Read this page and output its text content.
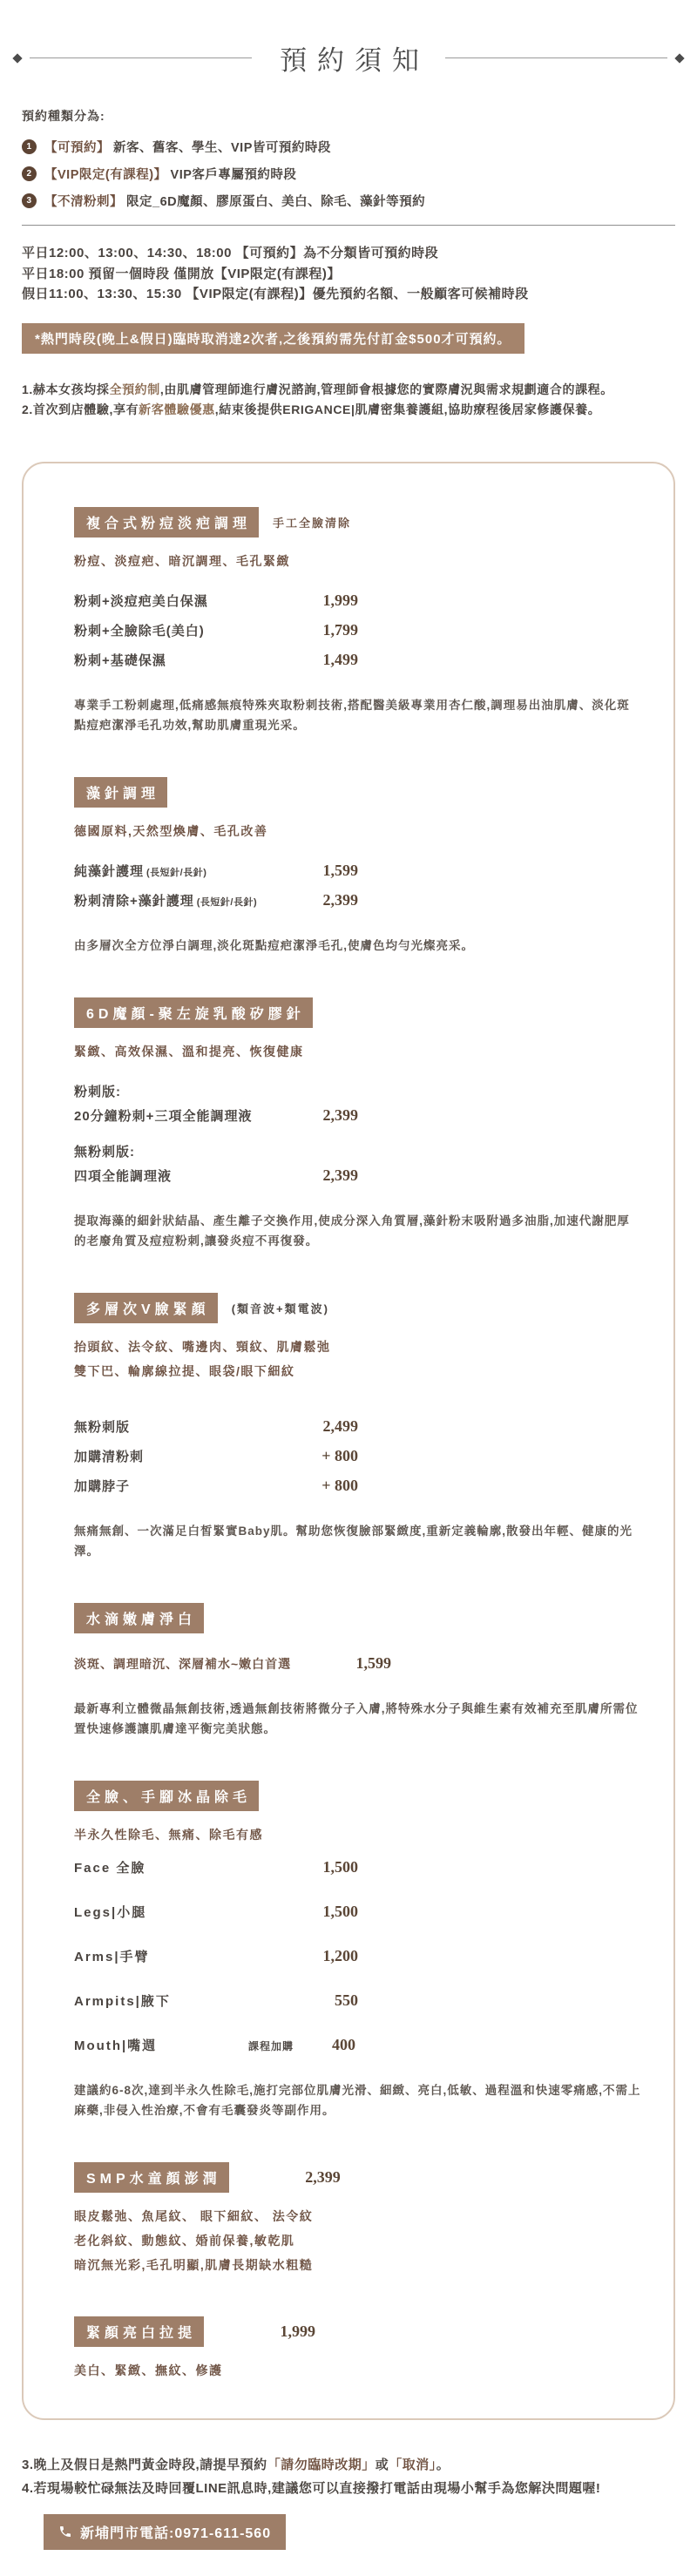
預約須知
預約種類分為:
1 【可預約】 新客、舊客、學生、VIP皆可預約時段
2 【VIP限定(有課程)】 VIP客戶專屬預約時段
3 【不清粉刺】 限定_6D魔顏、膠原蛋白、美白、除毛、藻針等預約
平日12:00、13:00、14:30、18:00 【可預約】為不分類皆可預約時段
平日18:00 預留一個時段 僅開放【VIP限定(有課程)】
假日11:00、13:30、15:30 【VIP限定(有課程)】優先預約名額、一般顧客可候補時段
*熱門時段(晚上&假日)臨時取消達2次者,之後預約需先付訂金$500才可預約。
1.赫本女孩均採全預約制,由肌膚管理師進行膚況諮詢,管理師會根據您的實際膚況與需求規劃適合的課程。
2.首次到店體驗,享有新客體驗優惠,結束後提供ERIGANCE|肌膚密集養護組,協助療程後居家修護保養。
複合式粉痘淡疤調理	手工全臉清除
粉痘、淡痘疤、暗沉調理、毛孔緊緻
粉刺+淡痘疤美白保濕	1,999
粉刺+全臉除毛(美白)	1,799
粉刺+基礎保濕	1,499
專業手工粉刺處理,低痛感無痕特殊夾取粉刺技術,搭配醫美級專業用杏仁酸,調理易出油肌膚、淡化斑點痘疤潔淨毛孔功效,幫助肌膚重現光采。
藻針調理
德國原料,天然型煥膚、毛孔改善
純藻針護理 (長短針/長針)	1,599
粉刺清除+藻針護理 (長短針/長針)	2,399
由多層次全方位淨白調理,淡化斑點痘疤潔淨毛孔,使膚色均勻光燦亮采。
6D魔顏-聚左旋乳酸矽膠針
緊緻、高效保濕、溫和提亮、恢復健康
粉刺版:
20分鐘粉刺+三項全能調理液	2,399
無粉刺版:
四項全能調理液	2,399
提取海藻的細針狀結晶、產生離子交換作用,使成分深入角質層,藻針粉末吸附過多油脂,加速代謝肥厚的老廢角質及痘痘粉刺,讓發炎痘不再復發。
多層次V臉緊顏	(類音波+類電波)
抬頭紋、法令紋、嘴邊肉、頸紋、肌膚鬆弛
雙下巴、輪廓線拉提、眼袋/眼下細紋
無粉刺版	2,499
加購清粉刺	+ 800
加購脖子	+ 800
無痛無創、一次滿足白皙緊實Baby肌。幫助您恢復臉部緊緻度,重新定義輪廓,散發出年輕、健康的光澤。
水滴嫩膚淨白
淡斑、調理暗沉、深層補水~嫩白首選	1,599
最新專利立體微晶無創技術,透過無創技術將微分子入膚,將特殊水分子與維生素有效補充至肌膚所需位置快速修護讓肌膚達平衡完美狀態。
全臉、手腳冰晶除毛
半永久性除毛、無痛、除毛有感
Face 全臉	1,500
Legs|小腿	1,500
Arms|手臂	1,200
Armpits|腋下	550
Mouth|嘴週	課程加購	400
建議約6-8次,達到半永久性除毛,施打完部位肌膚光滑、細緻、亮白,低敏、過程溫和快速零痛感,不需上麻藥,非侵入性治療,不會有毛囊發炎等副作用。
SMP水童顏澎潤	2,399
眼皮鬆弛、魚尾紋、 眼下細紋、 法令紋
老化斜紋、動態紋、婚前保養,敏乾肌
暗沉無光彩,毛孔明顯,肌膚長期缺水粗糙
緊顏亮白拉提	1,999
美白、緊緻、撫紋、修護
3.晚上及假日是熱門黃金時段,請提早預約「請勿臨時改期」或「取消」。
4.若現場較忙碌無法及時回覆LINE訊息時,建議您可以直接撥打電話由現場小幫手為您解決問題喔!
新埔門市電話:0971-611-560
